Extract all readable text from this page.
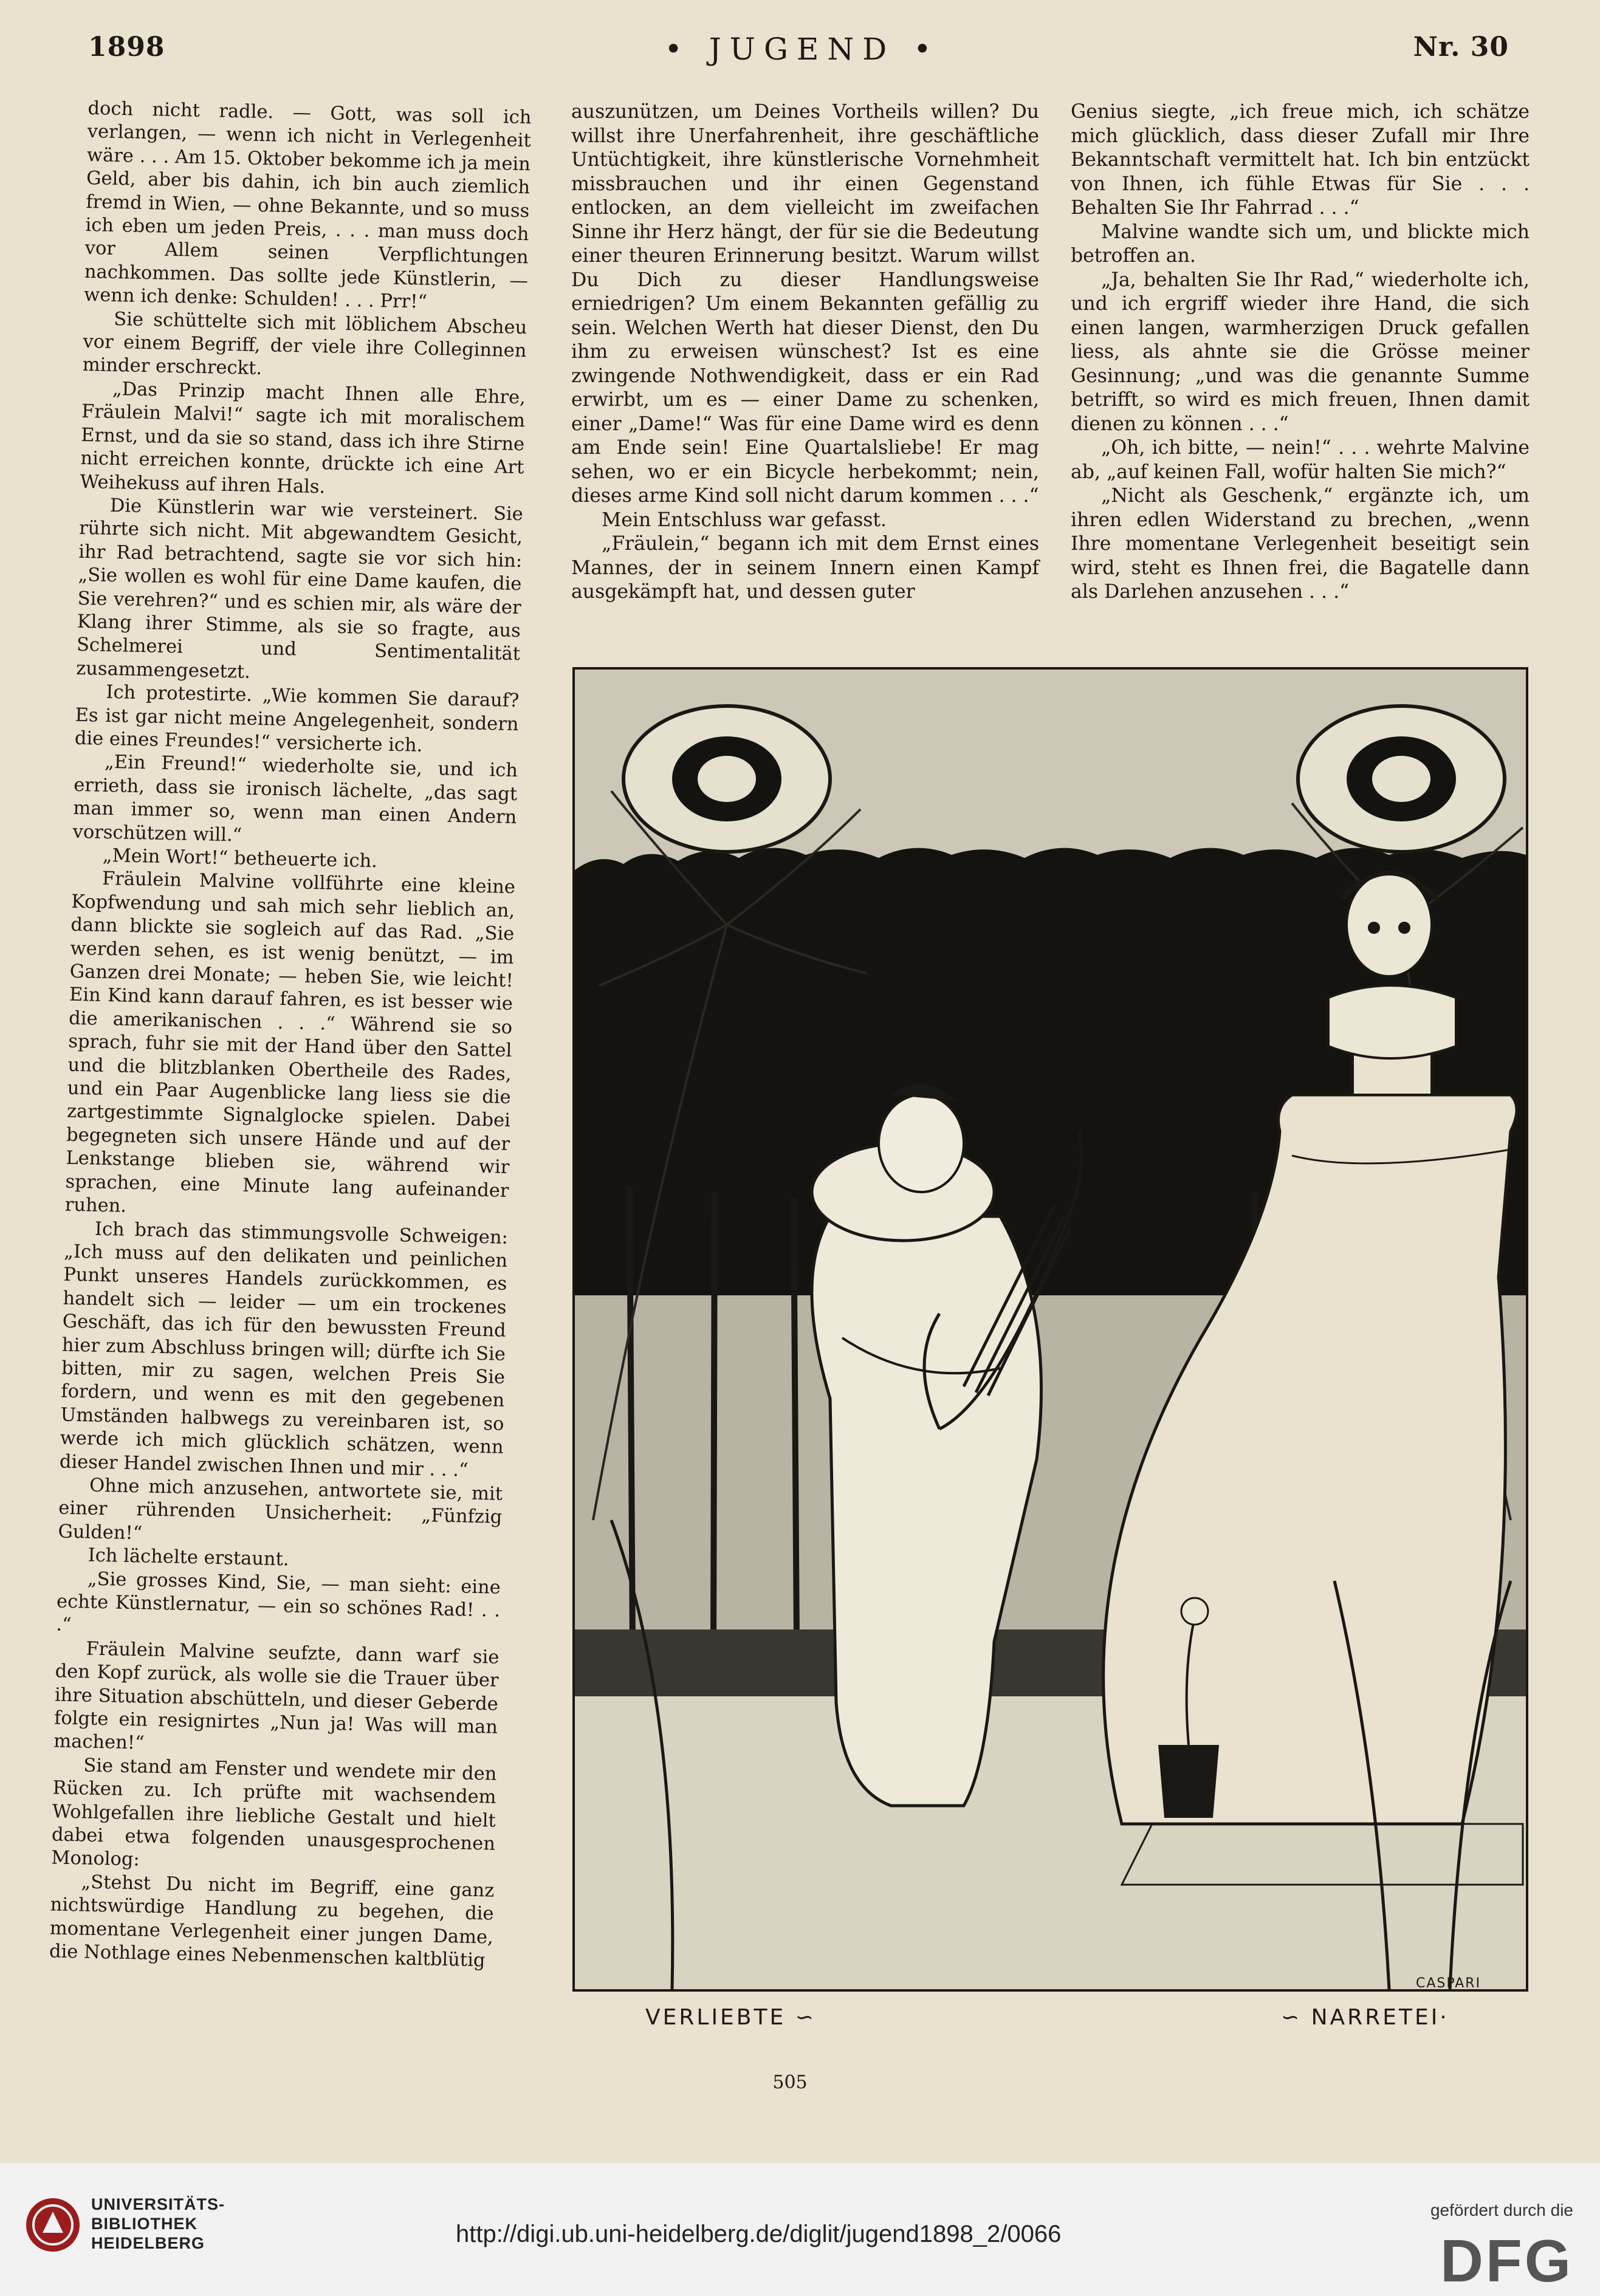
1898	• JUGEND •	Nr. 30

doch nicht radle. — Gott, was soll ich verlangen, — wenn ich nicht in Verlegenheit wäre . . . Am 15. Oktober bekomme ich ja mein Geld, aber bis dahin, ich bin auch ziemlich fremd in Wien, — ohne Bekannte, und so muss ich eben um jeden Preis, . . . man muss doch vor Allem seinen Verpflichtungen nachkommen. Das sollte jede Künstlerin, — wenn ich denke: Schulden! . . . Prr!“

Sie schüttelte sich mit löblichem Abscheu vor einem Begriff, der viele ihre Colleginnen minder erschreckt.

„Das Prinzip macht Ihnen alle Ehre, Fräulein Malvi!“ sagte ich mit moralischem Ernst, und da sie so stand, dass ich ihre Stirne nicht erreichen konnte, drückte ich eine Art Weihekuss auf ihren Hals.

Die Künstlerin war wie versteinert. Sie rührte sich nicht. Mit abgewandtem Gesicht, ihr Rad betrachtend, sagte sie vor sich hin: „Sie wollen es wohl für eine Dame kaufen, die Sie verehren?“ und es schien mir, als wäre der Klang ihrer Stimme, als sie so fragte, aus Schelmerei und Sentimentalität zusammengesetzt.

Ich protestirte. „Wie kommen Sie darauf? Es ist gar nicht meine Angelegenheit, sondern die eines Freundes!“ versicherte ich.

„Ein Freund!“ wiederholte sie, und ich errieth, dass sie ironisch lächelte, „das sagt man immer so, wenn man einen Andern vorschützen will.“

„Mein Wort!“ betheuerte ich.

Fräulein Malvine vollführte eine kleine Kopfwendung und sah mich sehr lieblich an, dann blickte sie sogleich auf das Rad. „Sie werden sehen, es ist wenig benützt, — im Ganzen drei Monate; — heben Sie, wie leicht! Ein Kind kann darauf fahren, es ist besser wie die amerikanischen . . .“ Während sie so sprach, fuhr sie mit der Hand über den Sattel und die blitzblanken Obertheile des Rades, und ein Paar Augenblicke lang liess sie die zartgestimmte Signalglocke spielen. Dabei begegneten sich unsere Hände und auf der Lenkstange blieben sie, während wir sprachen, eine Minute lang aufeinander ruhen.

Ich brach das stimmungsvolle Schweigen: „Ich muss auf den delikaten und peinlichen Punkt unseres Handels zurückkommen, es handelt sich — leider — um ein trockenes Geschäft, das ich für den bewussten Freund hier zum Abschluss bringen will; dürfte ich Sie bitten, mir zu sagen, welchen Preis Sie fordern, und wenn es mit den gegebenen Umständen halbwegs zu vereinbaren ist, so werde ich mich glücklich schätzen, wenn dieser Handel zwischen Ihnen und mir . . .“

Ohne mich anzusehen, antwortete sie, mit einer rührenden Unsicherheit: „Fünfzig Gulden!“

Ich lächelte erstaunt.

„Sie grosses Kind, Sie, — man sieht: eine echte Künstlernatur, — ein so schönes Rad! . . .“

Fräulein Malvine seufzte, dann warf sie den Kopf zurück, als wolle sie die Trauer über ihre Situation abschütteln, und dieser Geberde folgte ein resignirtes „Nun ja! Was will man machen!“

Sie stand am Fenster und wendete mir den Rücken zu. Ich prüfte mit wachsendem Wohlgefallen ihre liebliche Gestalt und hielt dabei etwa folgenden unausgesprochenen Monolog:

„Stehst Du nicht im Begriff, eine ganz nichtswürdige Handlung zu begehen, die momentane Verlegenheit einer jungen Dame, die Nothlage eines Nebenmenschen kaltblütig

auszunützen, um Deines Vortheils willen? Du willst ihre Unerfahrenheit, ihre geschäftliche Untüchtigkeit, ihre künstlerische Vornehmheit missbrauchen und ihr einen Gegenstand entlocken, an dem vielleicht im zweifachen Sinne ihr Herz hängt, der für sie die Bedeutung einer theuren Erinnerung besitzt. Warum willst Du Dich zu dieser Handlungsweise erniedrigen? Um einem Bekannten gefällig zu sein. Welchen Werth hat dieser Dienst, den Du ihm zu erweisen wünschest? Ist es eine zwingende Nothwendigkeit, dass er ein Rad erwirbt, um es — einer Dame zu schenken, einer „Dame!“ Was für eine Dame wird es denn am Ende sein! Eine Quartalsliebe! Er mag sehen, wo er ein Bicycle herbekommt; nein, dieses arme Kind soll nicht darum kommen . . .“

Mein Entschluss war gefasst.

„Fräulein,“ begann ich mit dem Ernst eines Mannes, der in seinem Innern einen Kampf ausgekämpft hat, und dessen guter

Genius siegte, „ich freue mich, ich schätze mich glücklich, dass dieser Zufall mir Ihre Bekanntschaft vermittelt hat. Ich bin entzückt von Ihnen, ich fühle Etwas für Sie . . . Behalten Sie Ihr Fahrrad . . .“

Malvine wandte sich um, und blickte mich betroffen an.

„Ja, behalten Sie Ihr Rad,“ wiederholte ich, und ich ergriff wieder ihre Hand, die sich einen langen, warmherzigen Druck gefallen liess, als ahnte sie die Grösse meiner Gesinnung; „und was die genannte Summe betrifft, so wird es mich freuen, Ihnen damit dienen zu können . . .“

„Oh, ich bitte, — nein!“ . . . wehrte Malvine ab, „auf keinen Fall, wofür halten Sie mich?“

„Nicht als Geschenk,“ ergänzte ich, um ihren edlen Widerstand zu brechen, „wenn Ihre momentane Verlegenheit beseitigt sein wird, steht es Ihnen frei, die Bagatelle dann als Darlehen anzusehen . . .“

CASPARI
VERLIEBTE ∽	∽ NARRETEI·
505
UNIVERSITÄTS-
BIBLIOTHEK
HEIDELBERG	http://digi.ub.uni-heidelberg.de/diglit/jugend1898_2/0066
gefördert durch die
DFG
